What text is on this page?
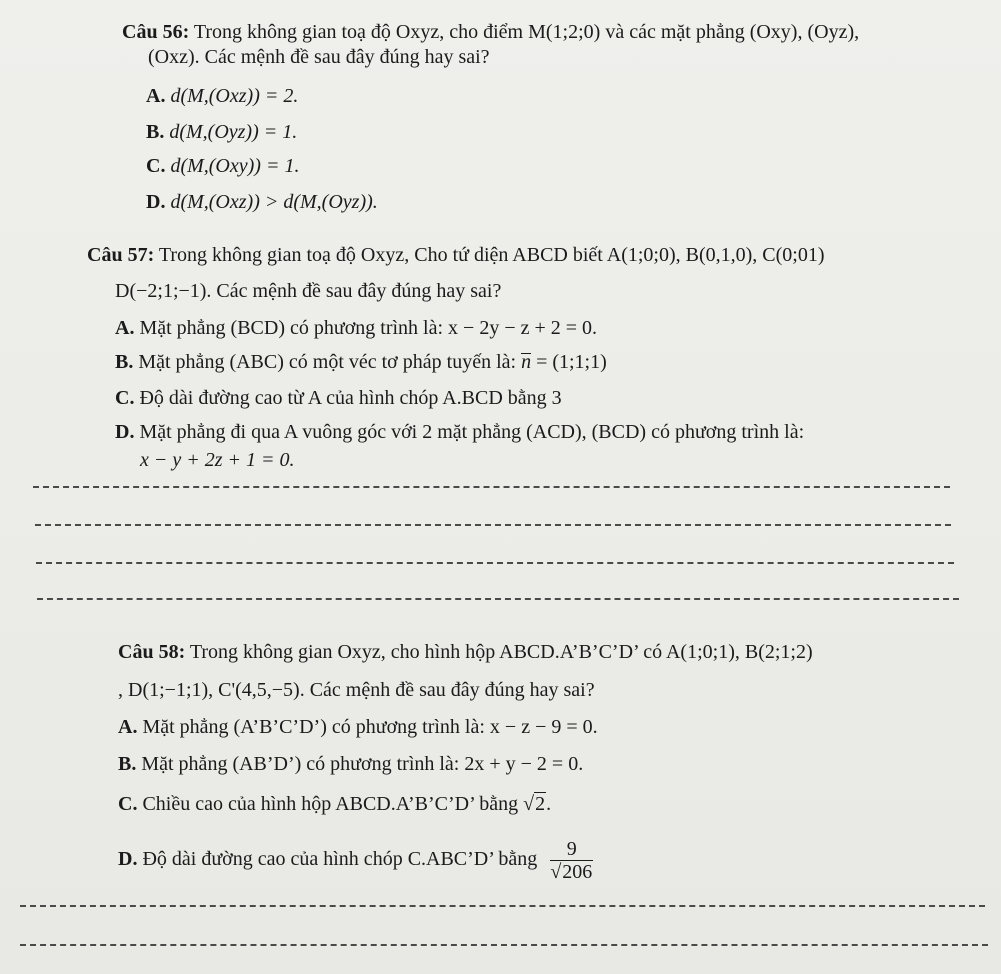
Câu 56: Trong không gian toạ độ Oxyz, cho điểm M(1;2;0) và các mặt phẳng (Oxy), (Oyz),
(Oxz). Các mệnh đề sau đây đúng hay sai?
A. d(M,(Oxz)) = 2.
B. d(M,(Oyz)) = 1.
C. d(M,(Oxy)) = 1.
D. d(M,(Oxz)) > d(M,(Oyz)).
Câu 57: Trong không gian toạ độ Oxyz, Cho tứ diện ABCD biết A(1;0;0), B(0,1,0), C(0;01)
D(−2;1;−1). Các mệnh đề sau đây đúng hay sai?
A. Mặt phẳng (BCD) có phương trình là: x − 2y − z + 2 = 0.
B. Mặt phẳng (ABC) có một véc tơ pháp tuyến là: n = (1;1;1)
C. Độ dài đường cao từ A của hình chóp A.BCD bằng 3
D. Mặt phẳng đi qua A vuông góc với 2 mặt phẳng (ACD), (BCD) có phương trình là:
x − y + 2z + 1 = 0.
Câu 58: Trong không gian Oxyz, cho hình hộp ABCD.A’B’C’D’ có A(1;0;1), B(2;1;2)
, D(1;−1;1), C'(4,5,−5). Các mệnh đề sau đây đúng hay sai?
A. Mặt phẳng (A’B’C’D’) có phương trình là: x − z − 9 = 0.
B. Mặt phẳng (AB’D’) có phương trình là: 2x + y − 2 = 0.
C. Chiều cao của hình hộp ABCD.A’B’C’D’ bằng √2.
D. Độ dài đường cao của hình chóp C.ABC’D’ bằng $\frac{9}{√206}$
